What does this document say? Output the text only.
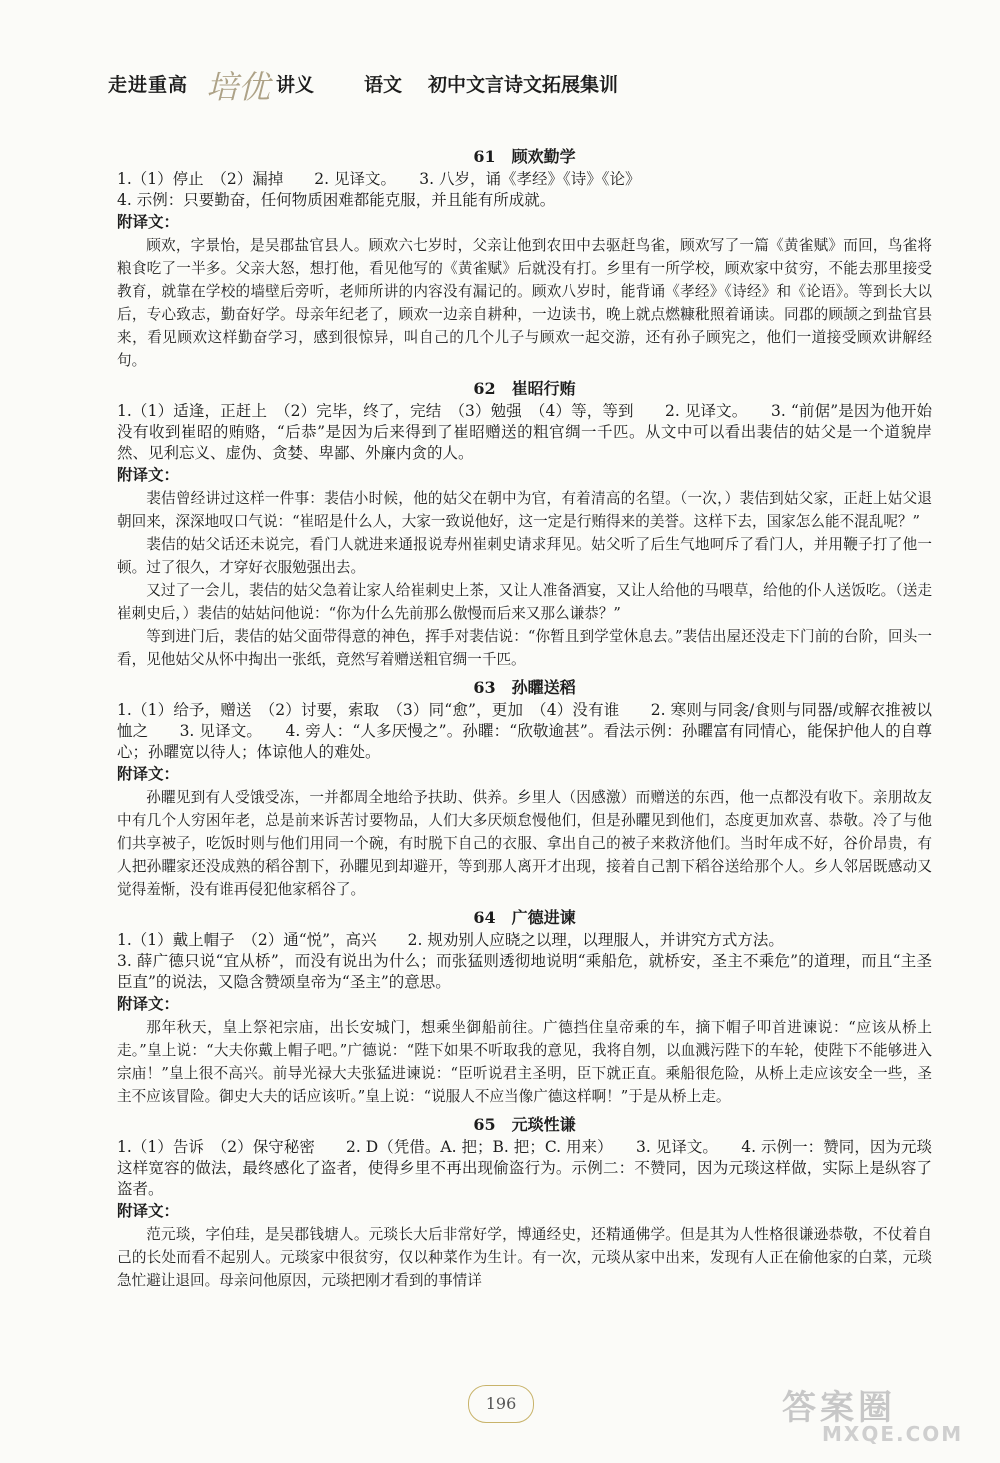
走进重高 培优 讲义	语文 初中文言诗文拓展集训
61　顾欢勤学

1.（1）停止　（2）漏掉　　2. 见译文。　　3. 八岁，诵《孝经》《诗》《论》

4. 示例：只要勤奋，任何物质困难都能克服，并且能有所成就。

附译文：

顾欢，字景怡，是吴郡盐官县人。顾欢六七岁时，父亲让他到农田中去驱赶鸟雀，顾欢写了一篇《黄雀赋》而回，鸟雀将粮食吃了一半多。父亲大怒，想打他，看见他写的《黄雀赋》后就没有打。乡里有一所学校，顾欢家中贫穷，不能去那里接受教育，就靠在学校的墙壁后旁听，老师所讲的内容没有漏记的。顾欢八岁时，能背诵《孝经》《诗经》和《论语》。等到长大以后，专心致志，勤奋好学。母亲年纪老了，顾欢一边亲自耕种，一边读书，晚上就点燃糠秕照着诵读。同郡的顾颉之到盐官县来，看见顾欢这样勤奋学习，感到很惊异，叫自己的几个儿子与顾欢一起交游，还有孙子顾宪之，他们一道接受顾欢讲解经句。

62　崔昭行贿

1.（1）适逢，正赶上　（2）完毕，终了，完结　（3）勉强　（4）等，等到　　2. 见译文。　　3. “前倨”是因为他开始没有收到崔昭的贿赂，“后恭”是因为后来得到了崔昭赠送的粗官绸一千匹。从文中可以看出裴佶的姑父是一个道貌岸然、见利忘义、虚伪、贪婪、卑鄙、外廉内贪的人。

附译文：

裴佶曾经讲过这样一件事：裴佶小时候，他的姑父在朝中为官，有着清高的名望。（一次，）裴佶到姑父家，正赶上姑父退朝回来，深深地叹口气说：“崔昭是什么人，大家一致说他好，这一定是行贿得来的美誉。这样下去，国家怎么能不混乱呢？”

裴佶的姑父话还未说完，看门人就进来通报说寿州崔刺史请求拜见。姑父听了后生气地呵斥了看门人，并用鞭子打了他一顿。过了很久，才穿好衣服勉强出去。

又过了一会儿，裴佶的姑父急着让家人给崔刺史上茶，又让人准备酒宴，又让人给他的马喂草，给他的仆人送饭吃。（送走崔刺史后，）裴佶的姑姑问他说：“你为什么先前那么傲慢而后来又那么谦恭？”

等到进门后，裴佶的姑父面带得意的神色，挥手对裴佶说：“你暂且到学堂休息去。”裴佶出屋还没走下门前的台阶，回头一看，见他姑父从怀中掏出一张纸，竟然写着赠送粗官绸一千匹。

63　孙䂂送稻

1.（1）给予，赠送　（2）讨要，索取　（3）同“愈”，更加　（4）没有谁　　2. 寒则与同衾/食则与同器/或解衣推被以恤之　　3. 见译文。　　4. 旁人：“人多厌慢之”。孙䂂：“欣敬逾甚”。看法示例：孙䂂富有同情心，能保护他人的自尊心；孙䂂宽以待人；体谅他人的难处。

附译文：

孙䂂见到有人受饿受冻，一并都周全地给予扶助、供养。乡里人（因感激）而赠送的东西，他一点都没有收下。亲朋故友中有几个人穷困年老，总是前来诉苦讨要物品，人们大多厌烦怠慢他们，但是孙䂂见到他们，态度更加欢喜、恭敬。冷了与他们共享被子，吃饭时则与他们用同一个碗，有时脱下自己的衣服、拿出自己的被子来救济他们。当时年成不好，谷价昂贵，有人把孙䂂家还没成熟的稻谷割下，孙䂂见到却避开，等到那人离开才出现，接着自己割下稻谷送给那个人。乡人邻居既感动又觉得羞惭，没有谁再侵犯他家稻谷了。

64　广德进谏

1.（1）戴上帽子　（2）通“悦”，高兴　　2. 规劝别人应晓之以理，以理服人，并讲究方式方法。

3. 薛广德只说“宜从桥”，而没有说出为什么；而张猛则透彻地说明“乘船危，就桥安，圣主不乘危”的道理，而且“主圣臣直”的说法，又隐含赞颂皇帝为“圣主”的意思。

附译文：

那年秋天，皇上祭祀宗庙，出长安城门，想乘坐御船前往。广德挡住皇帝乘的车，摘下帽子叩首进谏说：“应该从桥上走。”皇上说：“大夫你戴上帽子吧。”广德说：“陛下如果不听取我的意见，我将自刎，以血溅污陛下的车轮，使陛下不能够进入宗庙！”皇上很不高兴。前导光禄大夫张猛进谏说：“臣听说君主圣明，臣下就正直。乘船很危险，从桥上走应该安全一些，圣主不应该冒险。御史大夫的话应该听。”皇上说：“说服人不应当像广德这样啊！”于是从桥上走。

65　元琰性谦

1.（1）告诉　（2）保守秘密　　2. D（凭借。A. 把；B. 把；C. 用来）　　3. 见译文。　　4. 示例一：赞同，因为元琰这样宽容的做法，最终感化了盗者，使得乡里不再出现偷盗行为。示例二：不赞同，因为元琰这样做，实际上是纵容了盗者。

附译文：

范元琰，字伯珪，是吴郡钱塘人。元琰长大后非常好学，博通经史，还精通佛学。但是其为人性格很谦逊恭敬，不仗着自己的长处而看不起别人。元琰家中很贫穷，仅以种菜作为生计。有一次，元琰从家中出来，发现有人正在偷他家的白菜，元琰急忙避让退回。母亲问他原因，元琰把刚才看到的事情详

196	答案圈
MXQE.COM
